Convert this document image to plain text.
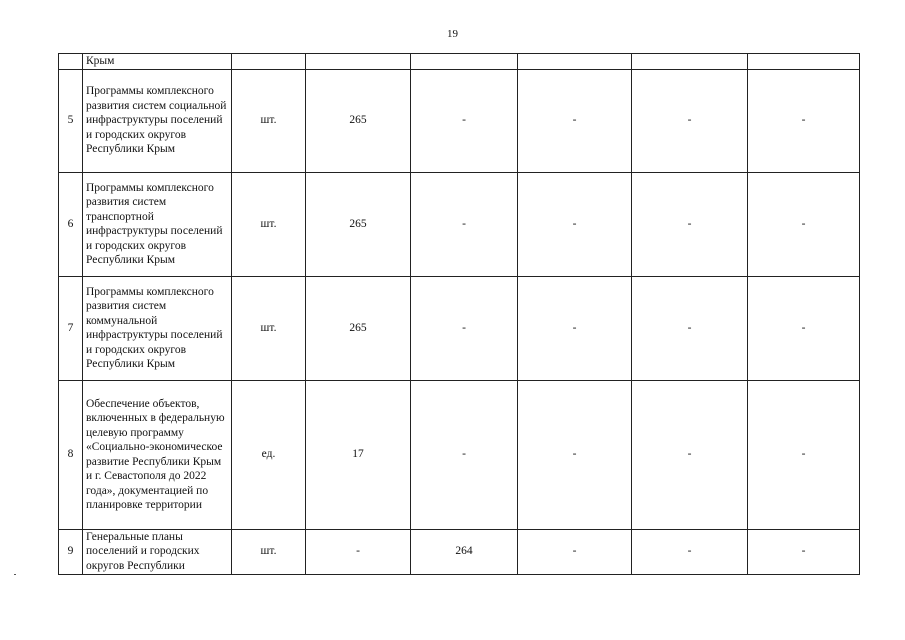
19
	Крым						
5	Программы комплексного развития систем социальной инфраструктуры поселений и городских округов Республики Крым	шт.	265	-	-	-	-
6	Программы комплексного развития систем транспортной инфраструктуры поселений и городских округов Республики Крым	шт.	265	-	-	-	-
7	Программы комплексного развития систем коммунальной инфраструктуры поселений и городских округов Республики Крым	шт.	265	-	-	-	-
8	Обеспечение объектов, включенных в федеральную целевую программу «Социально-экономическое развитие Республики Крым и г. Севастополя до 2022 года», документацией по планировке территории	ед.	17	-	-	-	-
9	Генеральные планы поселений и городских округов Республики	шт.	-	264	-	-	-
